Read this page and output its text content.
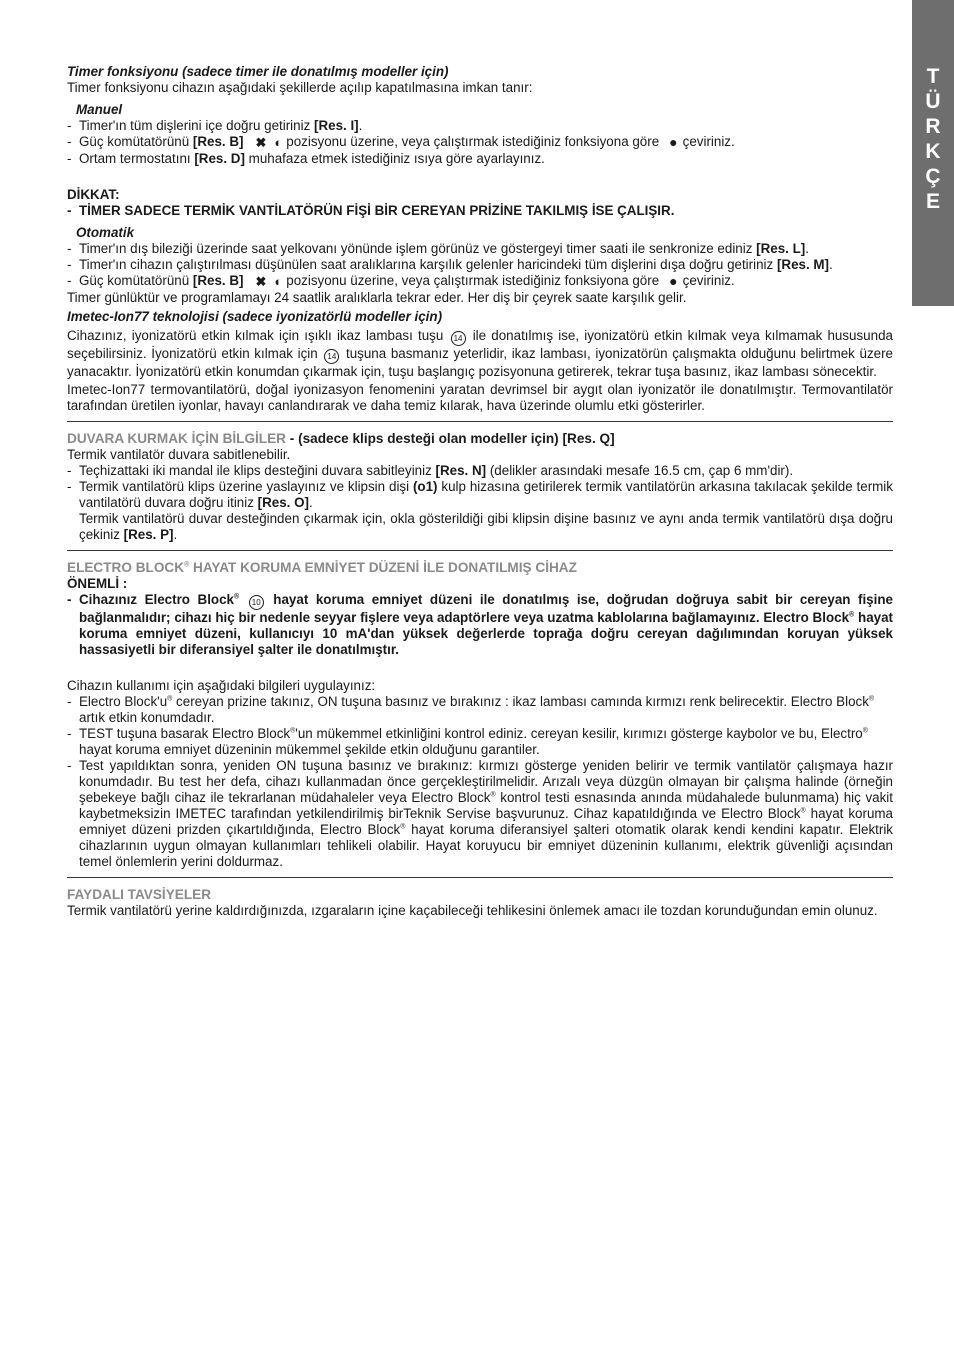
T
Ü
R
K
Ç
E

Timer fonksiyonu (sadece timer ile donatılmış modeller için)

Timer fonksiyonu cihazın aşağıdaki şekillerde açılıp kapatılmasına imkan tanır:

Manuel

- Timer'ın tüm dişlerini içe doğru getiriniz [Res. I].

- Güç komütatörünü [Res. B] ✖ ◐ pozisyonu üzerine, veya çalıştırmak istediğiniz fonksiyona göre ● çeviriniz.

- Ortam termostatını [Res. D] muhafaza etmek istediğiniz ısıya göre ayarlayınız.

DİKKAT:

- TİMER SADECE TERMİK VANTİLATÖRÜN FİŞİ BİR CEREYAN PRİZİNE TAKILMIŞ İSE ÇALIŞIR.

Otomatik

- Timer'ın dış bileziği üzerinde saat yelkovanı yönünde işlem görünüz ve göstergeyi timer saati ile senkronize ediniz [Res. L].

- Timer'ın cihazın çalıştırılması düşünülen saat aralıklarına karşılık gelenler haricindeki tüm dişlerini dışa doğru getiriniz [Res. M].

- Güç komütatörünü [Res. B] ✖ ◐ pozisyonu üzerine, veya çalıştırmak istediğiniz fonksiyona göre ● çeviriniz.

Timer günlüktür ve programlamayı 24 saatlik aralıklarla tekrar eder. Her diş bir çeyrek saate karşılık gelir.

Imetec-Ion77 teknolojisi (sadece iyonizatörlü modeller için)

Cihazınız, iyonizatörü etkin kılmak için ışıklı ikaz lambası tuşu 14 ile donatılmış ise, iyonizatörü etkin kılmak veya kılmamak hususunda seçebilirsiniz. İyonizatörü etkin kılmak için 14 tuşuna basmanız yeterlidir, ikaz lambası, iyonizatörün çalışmakta olduğunu belirtmek üzere yanacaktır. İyonizatörü etkin konumdan çıkarmak için, tuşu başlangıç pozisyonuna getirerek, tekrar tuşa basınız, ikaz lambası sönecektir.

Imetec-Ion77 termovantilatörü, doğal iyonizasyon fenomenini yaratan devrimsel bir aygıt olan iyonizatör ile donatılmıştır. Termovantilatör tarafından üretilen iyonlar, havayı canlandırarak ve daha temiz kılarak, hava üzerinde olumlu etki gösterirler.

DUVARA KURMAK İÇİN BİLGİLER - (sadece klips desteği olan modeller için) [Res. Q]

Termik vantilatör duvara sabitlenebilir.

- Teçhizattaki iki mandal ile klips desteğini duvara sabitleyiniz [Res. N] (delikler arasındaki mesafe 16.5 cm, çap 6 mm'dir).

- Termik vantilatörü klips üzerine yaslayınız ve klipsin dişi (o1) kulp hizasına getirilerek termik vantilatörün arkasına takılacak şekilde termik vantilatörü duvara doğru itiniz [Res. O].

Termik vantilatörü duvar desteğinden çıkarmak için, okla gösterildiği gibi klipsin dişine basınız ve aynı anda termik vantilatörü dışa doğru çekiniz [Res. P].

ELECTRO BLOCK® HAYAT KORUMA EMNİYET DÜZENİ İLE DONATILMIŞ CİHAZ

ÖNEMLİ :

- Cihazınız Electro Block® 10 hayat koruma emniyet düzeni ile donatılmış ise, doğrudan doğruya sabit bir cereyan fişine bağlanmalıdır; cihazı hiç bir nedenle seyyar fişlere veya adaptörlere veya uzatma kablolarına bağlamayınız. Electro Block® hayat koruma emniyet düzeni, kullanıcıyı 10 mA'dan yüksek değerlerde toprağa doğru cereyan dağılımından koruyan yüksek hassasiyetli bir diferansiyel şalter ile donatılmıştır.

Cihazın kullanımı için aşağıdaki bilgileri uygulayınız:

- Electro Block'u® cereyan prizine takınız, ON tuşuna basınız ve bırakınız : ikaz lambası camında kırmızı renk belirecektir. Electro Block® artık etkin konumdadır.

- TEST tuşuna basarak Electro Block®'un mükemmel etkinliğini kontrol ediniz. cereyan kesilir, kırımızı gösterge kaybolor ve bu, Electro® hayat koruma emniyet düzeninin mükemmel şekilde etkin olduğunu garantiler.

- Test yapıldıktan sonra, yeniden ON tuşuna basınız ve bırakınız: kırmızı gösterge yeniden belirir ve termik vantilatör çalışmaya hazır konumdadır. Bu test her defa, cihazı kullanmadan önce gerçekleştirilmelidir. Arızalı veya düzgün olmayan bir çalışma halinde (örneğin şebekeye bağlı cihaz ile tekrarlanan müdahaleler veya Electro Block® kontrol testi esnasında anında müdahalede bulunmama) hiç vakit kaybetmeksizin IMETEC tarafından yetkilendirilmiş birTeknik Servise başvurunuz. Cihaz kapatıldığında ve Electro Block® hayat koruma emniyet düzeni prizden çıkartıldığında, Electro Block® hayat koruma diferansiyel şalteri otomatik olarak kendi kendini kapatır. Elektrik cihazlarının uygun olmayan kullanımları tehlikeli olabilir. Hayat koruyucu bir emniyet düzeninin kullanımı, elektrik güvenliği açısından temel önlemlerin yerini doldurmaz.

FAYDALI TAVSİYELER

Termik vantilatörü yerine kaldırdığınızda, ızgaraların içine kaçabileceği tehlikesini önlemek amacı ile tozdan korunduğundan emin olunuz.
